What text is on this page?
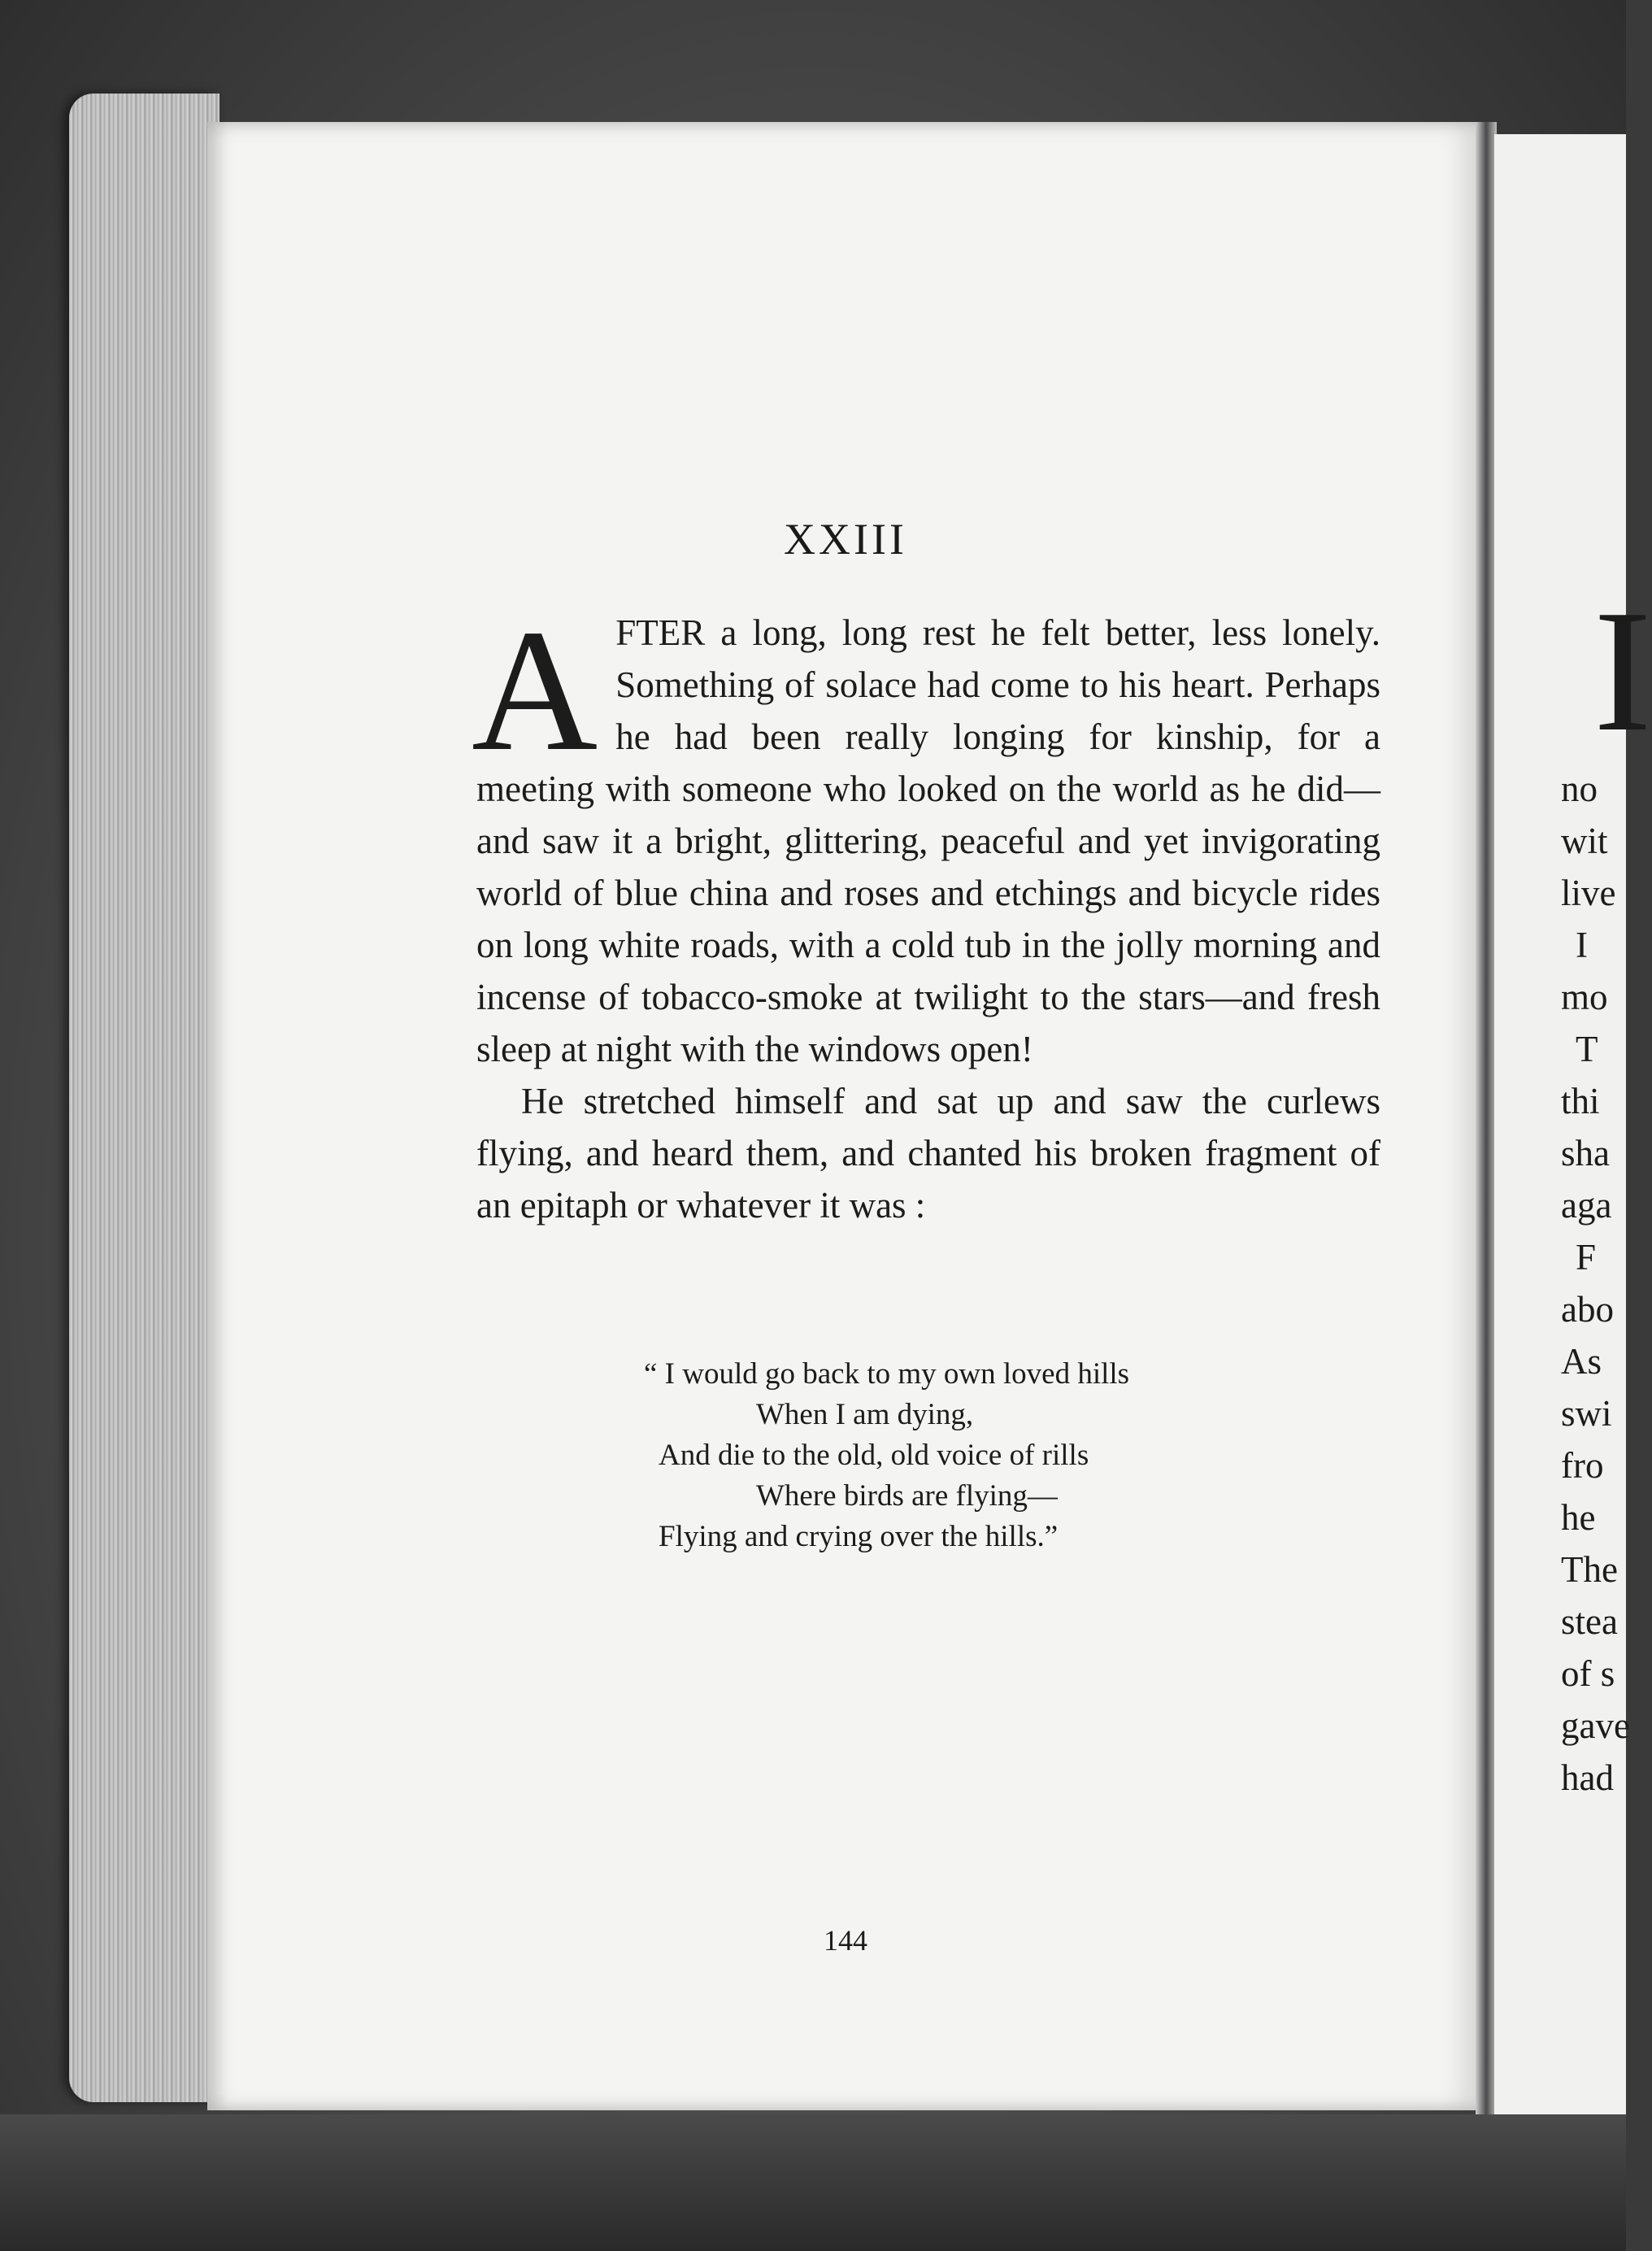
XXIII

AFTER a long, long rest he felt better, less lonely. Something of solace had come to his heart. Perhaps he had been really longing for kinship, for a meeting with someone who looked on the world as he did—and saw it a bright, glittering, peaceful and yet invigorating world of blue china and roses and etchings and bicycle rides on long white roads, with a cold tub in the jolly morning and incense of tobacco-smoke at twilight to the stars—and fresh sleep at night with the windows open!

He stretched himself and sat up and saw the curlews flying, and heard them, and chanted his broken fragment of an epitaph or whatever it was :

“ I would go back to my own loved hills
When I am dying,
And die to the old, old voice of rills
Where birds are flying—
Flying and crying over the hills.”
144
I
no
wit
live
I
mo
T
thi
sha
aga
F
abo
As
swi
fro
he
The
stea
of s
gave
had
